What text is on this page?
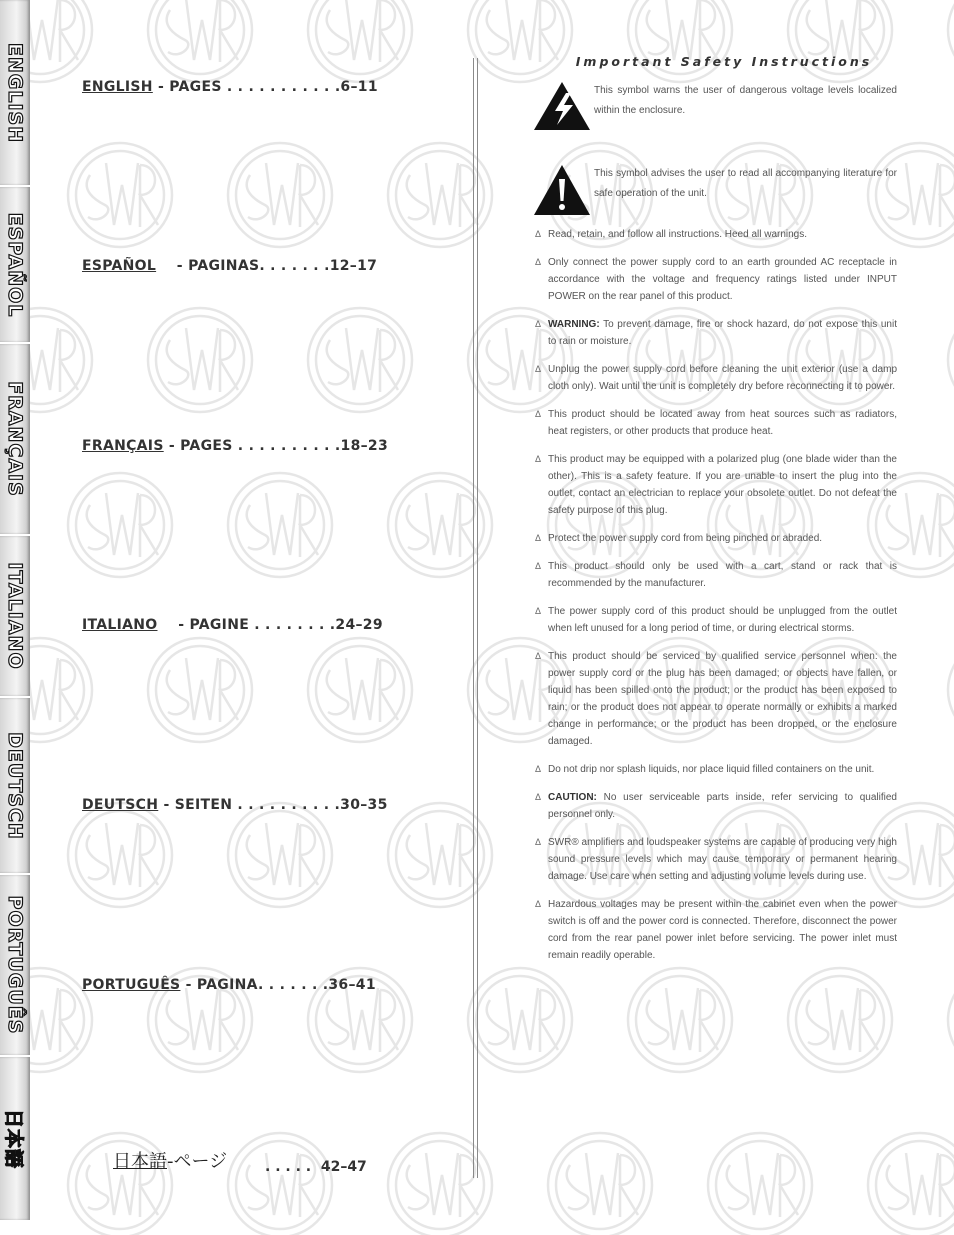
ENGLISH
ESPAÑOL
FRANÇAIS
ITALIANO
DEUTSCH
PORTUGUÊS
日本語
ENGLISH - PAGES . . . . . . . . . . .6–11
ESPAÑOL    - PAGINAS. . . . . . .12–17
FRANÇAIS - PAGES . . . . . . . . . .18–23
ITALIANO    - PAGINE . . . . . . . .24–29
DEUTSCH - SEITEN . . . . . . . . . .30–35
PORTUGUÊS - PAGINA. . . . . . .36–41
日本語-ページ	. . . . .  42–47
Important Safety Instructions
This symbol warns the user of dangerous voltage levels localized within the enclosure.
This symbol advises the user to read all accompanying literature for safe operation of the unit.
Δ Read, retain, and follow all instructions. Heed all warnings.
Δ Only connect the power supply cord to an earth grounded AC receptacle in accordance with the voltage and frequency ratings listed under INPUT POWER on the rear panel of this product.
Δ WARNING: To prevent damage, fire or shock hazard, do not expose this unit to rain or moisture.
Δ Unplug the power supply cord before cleaning the unit exterior (use a damp cloth only). Wait until the unit is completely dry before reconnecting it to power.
Δ This product should be located away from heat sources such as radiators, heat registers, or other products that produce heat.
Δ This product may be equipped with a polarized plug (one blade wider than the other). This is a safety feature. If you are unable to insert the plug into the outlet, contact an electrician to replace your obsolete outlet. Do not defeat the safety purpose of this plug.
Δ Protect the power supply cord from being pinched or abraded.
Δ This product should only be used with a cart, stand or rack that is recommended by the manufacturer.
Δ The power supply cord of this product should be unplugged from the outlet when left unused for a long period of time, or during electrical storms.
Δ This product should be serviced by qualified service personnel when: the power supply cord or the plug has been damaged; or objects have fallen, or liquid has been spilled onto the product; or the product has been exposed to rain; or the product does not appear to operate normally or exhibits a marked change in performance; or the product has been dropped, or the enclosure damaged.
Δ Do not drip nor splash liquids, nor place liquid filled containers on the unit.
Δ CAUTION: No user serviceable parts inside, refer servicing to qualified personnel only.
Δ SWR® amplifiers and loudspeaker systems are capable of producing very high sound pressure levels which may cause temporary or permanent hearing damage. Use care when setting and adjusting volume levels during use.
Δ Hazardous voltages may be present within the cabinet even when the power switch is off and the power cord is connected. Therefore, disconnect the power cord from the rear panel power inlet before servicing. The power inlet must remain readily operable.
